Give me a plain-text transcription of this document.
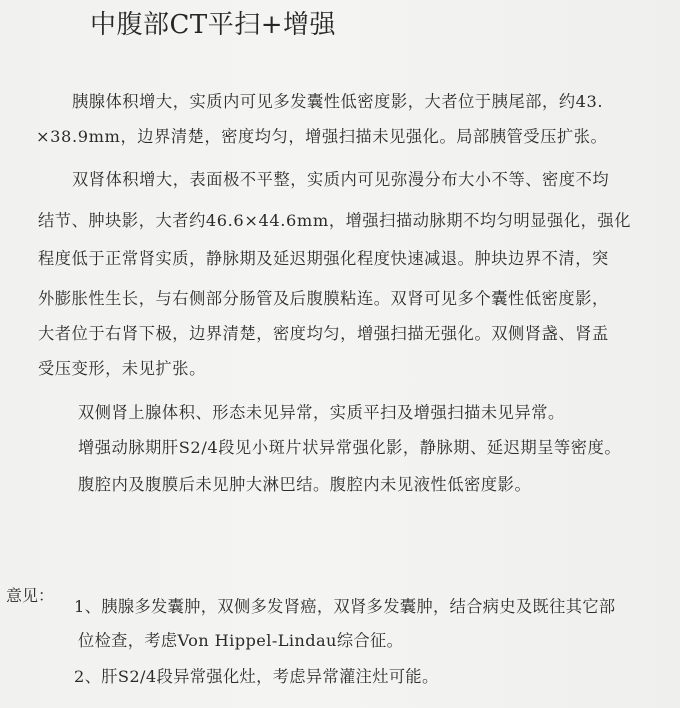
中腹部CT平扫+增强
胰腺体积增大，实质内可见多发囊性低密度影，大者位于胰尾部，约43.
×38.9mm，边界清楚，密度均匀，增强扫描未见强化。局部胰管受压扩张。
双肾体积增大，表面极不平整，实质内可见弥漫分布大小不等、密度不均
结节、肿块影，大者约46.6×44.6mm，增强扫描动脉期不均匀明显强化，强化
程度低于正常肾实质，静脉期及延迟期强化程度快速减退。肿块边界不清，突
外膨胀性生长，与右侧部分肠管及后腹膜粘连。双肾可见多个囊性低密度影，
大者位于右肾下极，边界清楚，密度均匀，增强扫描无强化。双侧肾盏、肾盂
受压变形，未见扩张。
双侧肾上腺体积、形态未见异常，实质平扫及增强扫描未见异常。
增强动脉期肝S2/4段见小斑片状异常强化影，静脉期、延迟期呈等密度。
腹腔内及腹膜后未见肿大淋巴结。腹腔内未见液性低密度影。
意见：
1、胰腺多发囊肿，双侧多发肾癌，双肾多发囊肿，结合病史及既往其它部
位检查，考虑Von Hippel-Lindau综合征。
2、肝S2/4段异常强化灶，考虑异常灌注灶可能。
